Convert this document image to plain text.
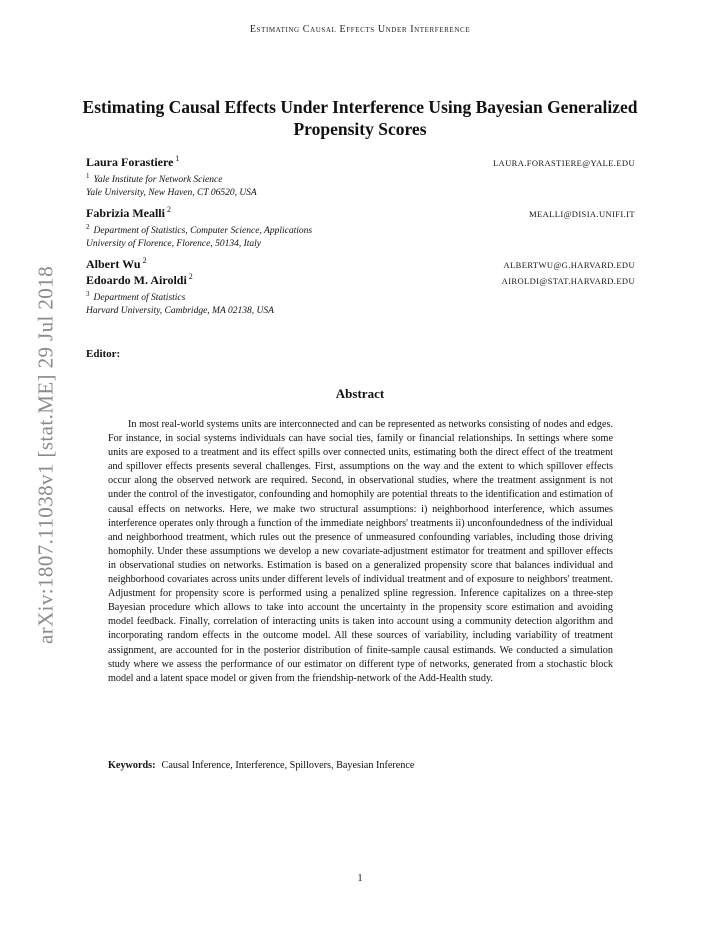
Estimating Causal Effects Under Interference
arXiv:1807.11038v1 [stat.ME] 29 Jul 2018
Estimating Causal Effects Under Interference Using Bayesian Generalized Propensity Scores
Laura Forastiere $^1$	LAURA.FORASTIERE@YALE.EDU
$^1$ Yale Institute for Network Science
Yale University, New Haven, CT 06520, USA
Fabrizia Mealli $^2$	MEALLI@DISIA.UNIFI.IT
$^2$ Department of Statistics, Computer Science, Applications
University of Florence, Florence, 50134, Italy
Albert Wu $^2$	ALBERTWU@G.HARVARD.EDU
Edoardo M. Airoldi $^2$	AIROLDI@STAT.HARVARD.EDU
$^3$ Department of Statistics
Harvard University, Cambridge, MA 02138, USA
Editor:
Abstract

In most real-world systems units are interconnected and can be represented as networks consisting of nodes and edges. For instance, in social systems individuals can have social ties, family or financial relationships. In settings where some units are exposed to a treatment and its effect spills over connected units, estimating both the direct effect of the treatment and spillover effects presents several challenges. First, assumptions on the way and the extent to which spillover effects occur along the observed network are required. Second, in observational studies, where the treatment assignment is not under the control of the investigator, confounding and homophily are potential threats to the identification and estimation of causal effects on networks. Here, we make two structural assumptions: i) neighborhood interference, which assumes interference operates only through a function of the immediate neighbors' treatments ii) unconfoundedness of the individual and neighborhood treatment, which rules out the presence of unmeasured confounding variables, including those driving homophily. Under these assumptions we develop a new covariate-adjustment estimator for treatment and spillover effects in observational studies on networks. Estimation is based on a generalized propensity score that balances individual and neighborhood covariates across units under different levels of individual treatment and of exposure to neighbors' treatment. Adjustment for propensity score is performed using a penalized spline regression. Inference capitalizes on a three-step Bayesian procedure which allows to take into account the uncertainty in the propensity score estimation and avoiding model feedback. Finally, correlation of interacting units is taken into account using a community detection algorithm and incorporating random effects in the outcome model. All these sources of variability, including variability of treatment assignment, are accounted for in the posterior distribution of finite-sample causal estimands. We conducted a simulation study where we assess the performance of our estimator on different type of networks, generated from a stochastic block model and a latent space model or given from the friendship-network of the Add-Health study.

Keywords: Causal Inference, Interference, Spillovers, Bayesian Inference
1
